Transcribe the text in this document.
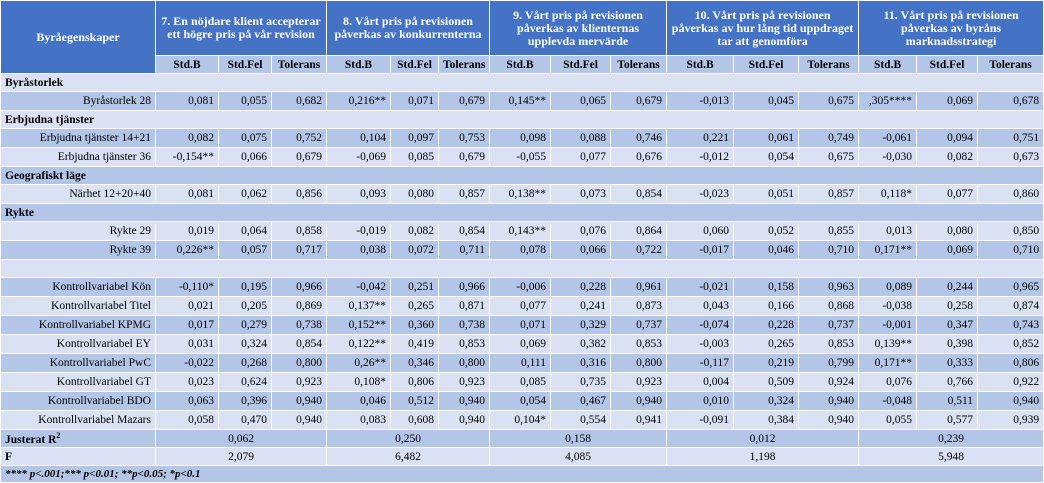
Byråegenskaper	7. En nöjdare klient accepterar ett högre pris på vår revision			8. Vårt pris på revisionen påverkas av konkurrenterna			9. Vårt pris på revisionen påverkas av klienternas upplevda mervärde			10. Vårt pris på revisionen påverkas av hur lång tid uppdraget tar att genomföra			11. Vårt pris på revisionen påverkas av byråns marknadsstrategi		
	Std.B	Std.Fel	Tolerans	Std.B	Std.Fel	Tolerans	Std.B	Std.Fel	Tolerans	Std.B	Std.Fel	Tolerans	Std.B	Std.Fel	Tolerans
Byråstorlek															
Byråstorlek 28	0,081	0,055	0,682	0,216**	0,071	0,679	0,145**	0,065	0,679	-0,013	0,045	0,675	,305****	0,069	0,678
Erbjudna tjänster															
Erbjudna tjänster 14+21	0,082	0,075	0,752	0,104	0,097	0,753	0,098	0,088	0,746	0,221	0,061	0,749	-0,061	0,094	0,751
Erbjudna tjänster 36	-0,154**	0,066	0,679	-0,069	0,085	0,679	-0,055	0,077	0,676	-0,012	0,054	0,675	-0,030	0,082	0,673
Geografiskt läge															
Närhet 12+20+40	0,081	0,062	0,856	0,093	0,080	0,857	0,138**	0,073	0,854	-0,023	0,051	0,857	0,118*	0,077	0,860
Rykte															
Rykte 29	0,019	0,064	0,858	-0,019	0,082	0,854	0,143**	0,076	0,864	0,060	0,052	0,855	0,013	0,080	0,850
Rykte 39	0,226**	0,057	0,717	0,038	0,072	0,711	0,078	0,066	0,722	-0,017	0,046	0,710	0,171**	0,069	0,710

Kontrollvariabel Kön	-0,110*	0,195	0,966	-0,042	0,251	0,966	-0,006	0,228	0,961	-0,021	0,158	0,963	0,089	0,244	0,965
Kontrollvariabel Titel	0,021	0,205	0,869	0,137**	0,265	0,871	0,077	0,241	0,873	0,043	0,166	0,868	-0,038	0,258	0,874
Kontrollvariabel KPMG	0,017	0,279	0,738	0,152**	0,360	0,738	0,071	0,329	0,737	-0,074	0,228	0,737	-0,001	0,347	0,743
Kontrollvariabel EY	0,031	0,324	0,854	0,122**	0,419	0,853	0,069	0,382	0,853	-0,003	0,265	0,853	0,139**	0,398	0,852
Kontrollvariabel PwC	-0,022	0,268	0,800	0,26**	0,346	0,800	0,111	0,316	0,800	-0,117	0,219	0,799	0,171**	0,333	0,806
Kontrollvariabel GT	0,023	0,624	0,923	0,108*	0,806	0,923	0,085	0,735	0,923	0,004	0,509	0,924	0,076	0,766	0,922
Kontrollvariabel BDO	0,063	0,396	0,940	0,046	0,512	0,940	0,054	0,467	0,940	0,010	0,324	0,940	-0,048	0,511	0,940
Kontrollvariabel Mazars	0,058	0,470	0,940	0,083	0,608	0,940	0,104*	0,554	0,941	-0,091	0,384	0,940	0,055	0,577	0,939
Justerat $R^2$	0,062			0,250			0,158			0,012			0,239		
F	2,079			6,482			4,085			1,198			5,948		
**** p<.001;*** p<0.01; **p<0.05; *p<0.1															
